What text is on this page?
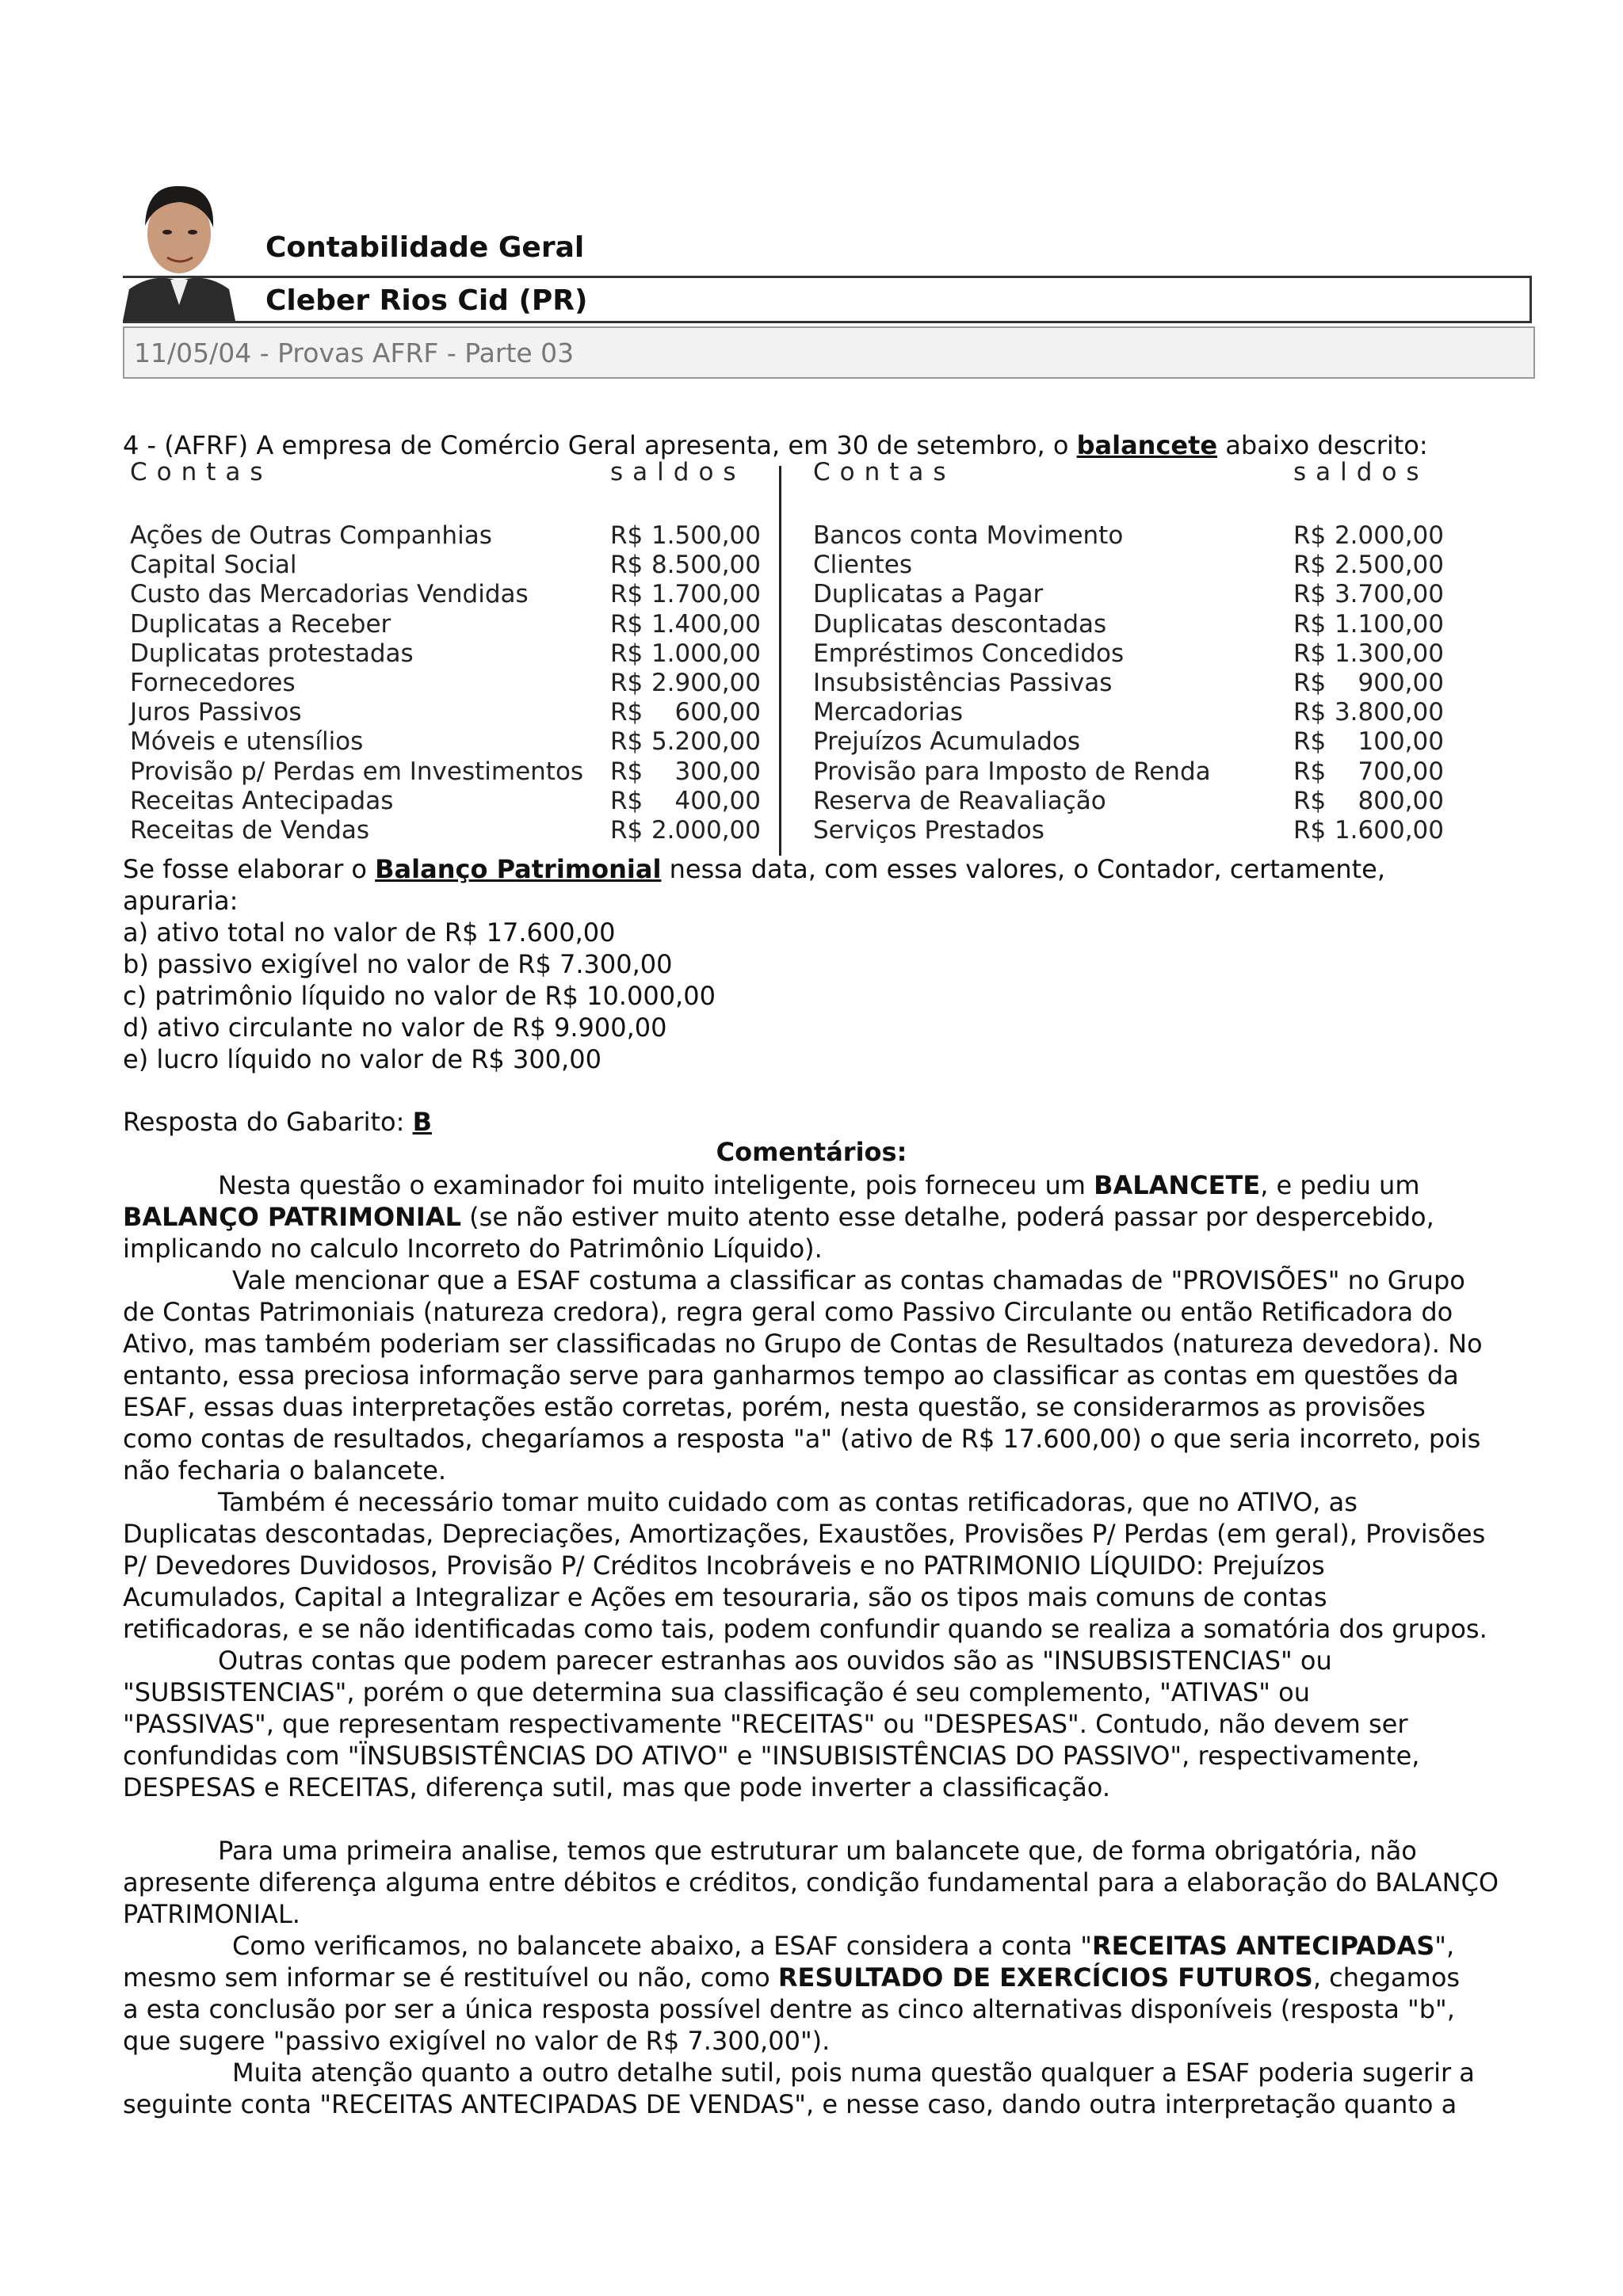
Contabilidade Geral
Cleber Rios Cid (PR)
11/05/04 - Provas AFRF - Parte 03
4 - (AFRF) A empresa de Comércio Geral apresenta, em 30 de setembro, o balancete abaixo descrito:
Contas	saldos	Contas	saldos
Ações de Outras Companhias	R$ 1.500,00
Capital Social	R$ 8.500,00
Custo das Mercadorias Vendidas	R$ 1.700,00
Duplicatas a Receber	R$ 1.400,00
Duplicatas protestadas	R$ 1.000,00
Fornecedores	R$ 2.900,00
Juros Passivos	R$	600,00
Móveis e utensílios	R$ 5.200,00
Provisão p/ Perdas em Investimentos R$	300,00
Receitas Antecipadas	R$	400,00
Receitas de Vendas	R$ 2.000,00
Bancos conta Movimento	R$ 2.000,00
Clientes	R$ 2.500,00
Duplicatas a Pagar	R$ 3.700,00
Duplicatas descontadas	R$ 1.100,00
Empréstimos Concedidos	R$ 1.300,00
Insubsistências Passivas	R$	900,00
Mercadorias	R$ 3.800,00
Prejuízos Acumulados	R$	100,00
Provisão para Imposto de Renda	R$	700,00
Reserva de Reavaliação	R$	800,00
Serviços Prestados	R$ 1.600,00
Se fosse elaborar o Balanço Patrimonial nessa data, com esses valores, o Contador, certamente,
apuraria:
a) ativo total no valor de R$ 17.600,00
b) passivo exigível no valor de R$ 7.300,00
c) patrimônio líquido no valor de R$ 10.000,00
d) ativo circulante no valor de R$ 9.900,00
e) lucro líquido no valor de R$ 300,00
Resposta do Gabarito: B
Comentários:
Nesta questão o examinador foi muito inteligente, pois forneceu um BALANCETE, e pediu um
BALANÇO PATRIMONIAL (se não estiver muito atento esse detalhe, poderá passar por despercebido,
implicando no calculo Incorreto do Patrimônio Líquido).
Vale mencionar que a ESAF costuma a classificar as contas chamadas de "PROVISÕES" no Grupo
de Contas Patrimoniais (natureza credora), regra geral como Passivo Circulante ou então Retificadora do
Ativo, mas também poderiam ser classificadas no Grupo de Contas de Resultados (natureza devedora). No
entanto, essa preciosa informação serve para ganharmos tempo ao classificar as contas em questões da
ESAF, essas duas interpretações estão corretas, porém, nesta questão, se considerarmos as provisões
como contas de resultados, chegaríamos a resposta "a" (ativo de R$ 17.600,00) o que seria incorreto, pois
não fecharia o balancete.
Também é necessário tomar muito cuidado com as contas retificadoras, que no ATIVO, as
Duplicatas descontadas, Depreciações, Amortizações, Exaustões, Provisões P/ Perdas (em geral), Provisões
P/ Devedores Duvidosos, Provisão P/ Créditos Incobráveis e no PATRIMONIO LÍQUIDO: Prejuízos
Acumulados, Capital a Integralizar e Ações em tesouraria, são os tipos mais comuns de contas
retificadoras, e se não identificadas como tais, podem confundir quando se realiza a somatória dos grupos.
Outras contas que podem parecer estranhas aos ouvidos são as "INSUBSISTENCIAS" ou
"SUBSISTENCIAS", porém o que determina sua classificação é seu complemento, "ATIVAS" ou
"PASSIVAS", que representam respectivamente "RECEITAS" ou "DESPESAS". Contudo, não devem ser
confundidas com "ÏNSUBSISTÊNCIAS DO ATIVO" e "INSUBISISTÊNCIAS DO PASSIVO", respectivamente,
DESPESAS e RECEITAS, diferença sutil, mas que pode inverter a classificação.
Para uma primeira analise, temos que estruturar um balancete que, de forma obrigatória, não
apresente diferença alguma entre débitos e créditos, condição fundamental para a elaboração do BALANÇO
PATRIMONIAL.
Como verificamos, no balancete abaixo, a ESAF considera a conta "RECEITAS ANTECIPADAS",
mesmo sem informar se é restituível ou não, como RESULTADO DE EXERCÍCIOS FUTUROS, chegamos
a esta conclusão por ser a única resposta possível dentre as cinco alternativas disponíveis (resposta "b",
que sugere "passivo exigível no valor de R$ 7.300,00").
Muita atenção quanto a outro detalhe sutil, pois numa questão qualquer a ESAF poderia sugerir a
seguinte conta "RECEITAS ANTECIPADAS DE VENDAS", e nesse caso, dando outra interpretação quanto a
